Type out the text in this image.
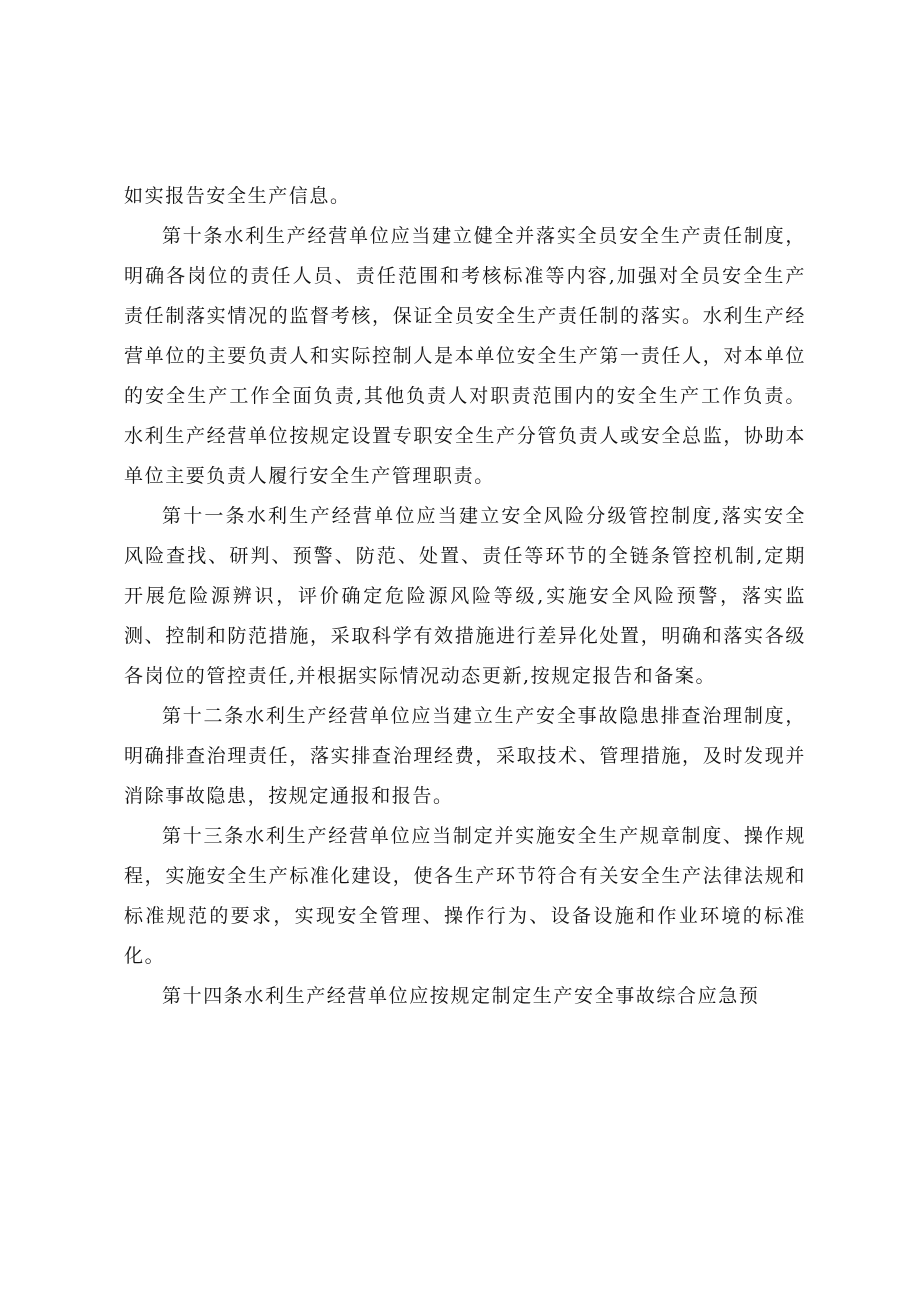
如实报告安全生产信息。

第十条水利生产经营单位应当建立健全并落实全员安全生产责任制度，明确各岗位的责任人员、责任范围和考核标准等内容,加强对全员安全生产责任制落实情况的监督考核，保证全员安全生产责任制的落实。水利生产经营单位的主要负责人和实际控制人是本单位安全生产第一责任人，对本单位的安全生产工作全面负责,其他负责人对职责范围内的安全生产工作负责。水利生产经营单位按规定设置专职安全生产分管负责人或安全总监，协助本单位主要负责人履行安全生产管理职责。

第十一条水利生产经营单位应当建立安全风险分级管控制度,落实安全风险查找、研判、预警、防范、处置、责任等环节的全链条管控机制,定期开展危险源辨识，评价确定危险源风险等级,实施安全风险预警，落实监测、控制和防范措施，采取科学有效措施进行差异化处置，明确和落实各级各岗位的管控责任,并根据实际情况动态更新,按规定报告和备案。

第十二条水利生产经营单位应当建立生产安全事故隐患排查治理制度，明确排查治理责任，落实排查治理经费，采取技术、管理措施，及时发现并消除事故隐患，按规定通报和报告。

第十三条水利生产经营单位应当制定并实施安全生产规章制度、操作规程，实施安全生产标准化建设，使各生产环节符合有关安全生产法律法规和标准规范的要求，实现安全管理、操作行为、设备设施和作业环境的标准化。

第十四条水利生产经营单位应按规定制定生产安全事故综合应急预
